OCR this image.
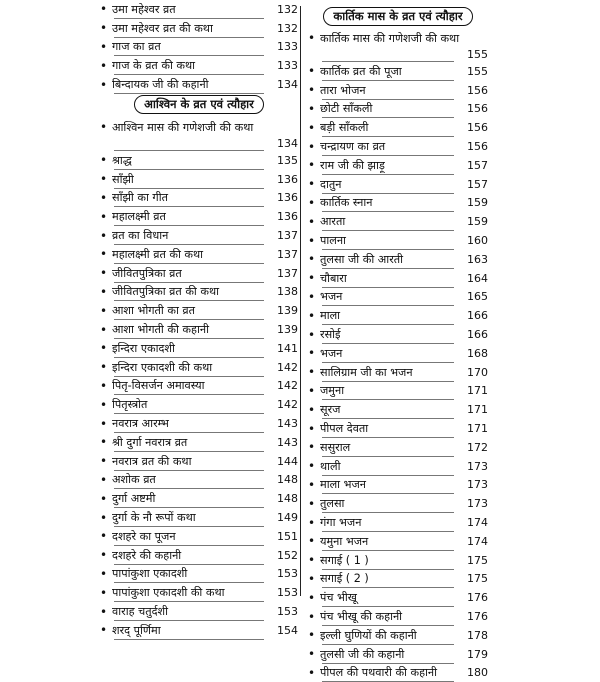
• उमा महेश्वर व्रत	132
• उमा महेश्वर व्रत की कथा	132
• गाज का व्रत	133
• गाज के व्रत की कथा	133
• बिन्दायक जी की कहानी	134
आश्विन के व्रत एवं त्यौहार
• आश्विन मास की गणेशजी की कथा
134
• श्राद्ध	135
• साँझी	136
• साँझी का गीत	136
• महालक्ष्मी व्रत	136
• व्रत का विधान	137
• महालक्ष्मी व्रत की कथा	137
• जीवितपुत्रिका व्रत	137
• जीवितपुत्रिका व्रत की कथा	138
• आशा भोगती का व्रत	139
• आशा भोगती की कहानी	139
• इन्दिरा एकादशी	141
• इन्दिरा एकादशी की कथा	142
• पितृ-विसर्जन अमावस्या	142
• पितृस्त्रोत	142
• नवरात्र आरम्भ	143
• श्री दुर्गा नवरात्र व्रत	143
• नवरात्र व्रत की कथा	144
• अशोक व्रत	148
• दुर्गा अष्टमी	148
• दुर्गा के नौ रूपों कथा	149
• दशहरे का पूजन	151
• दशहरे की कहानी	152
• पापांकुशा एकादशी	153
• पापांकुशा एकादशी की कथा	153
• वाराह चतुर्दशी	153
• शरद् पूर्णिमा	154
कार्तिक मास के व्रत एवं त्यौहार
• कार्तिक मास की गणेशजी की कथा
155
• कार्तिक व्रत की पूजा	155
• तारा भोजन	156
• छोटी साँकली	156
• बड़ी साँकली	156
• चन्द्रायण का व्रत	156
• राम जी की झाड़ू	157
• दातुन	157
• कार्तिक स्नान	159
• आरता	159
• पालना	160
• तुलसा जी की आरती	163
• चौबारा	164
• भजन	165
• माला	166
• रसोई	166
• भजन	168
• सालिग्राम जी का भजन	170
• जमुना	171
• सूरज	171
• पीपल देवता	171
• ससुराल	172
• थाली	173
• माला भजन	173
• तुलसा	173
• गंगा भजन	174
• यमुना भजन	174
• सगाई ( 1 )	175
• सगाई ( 2 )	175
• पंच भीखू	176
• पंच भीखू की कहानी	176
• इल्ली घुणियों की कहानी	178
• तुलसी जी की कहानी	179
• पीपल की पथवारी की कहानी	180
